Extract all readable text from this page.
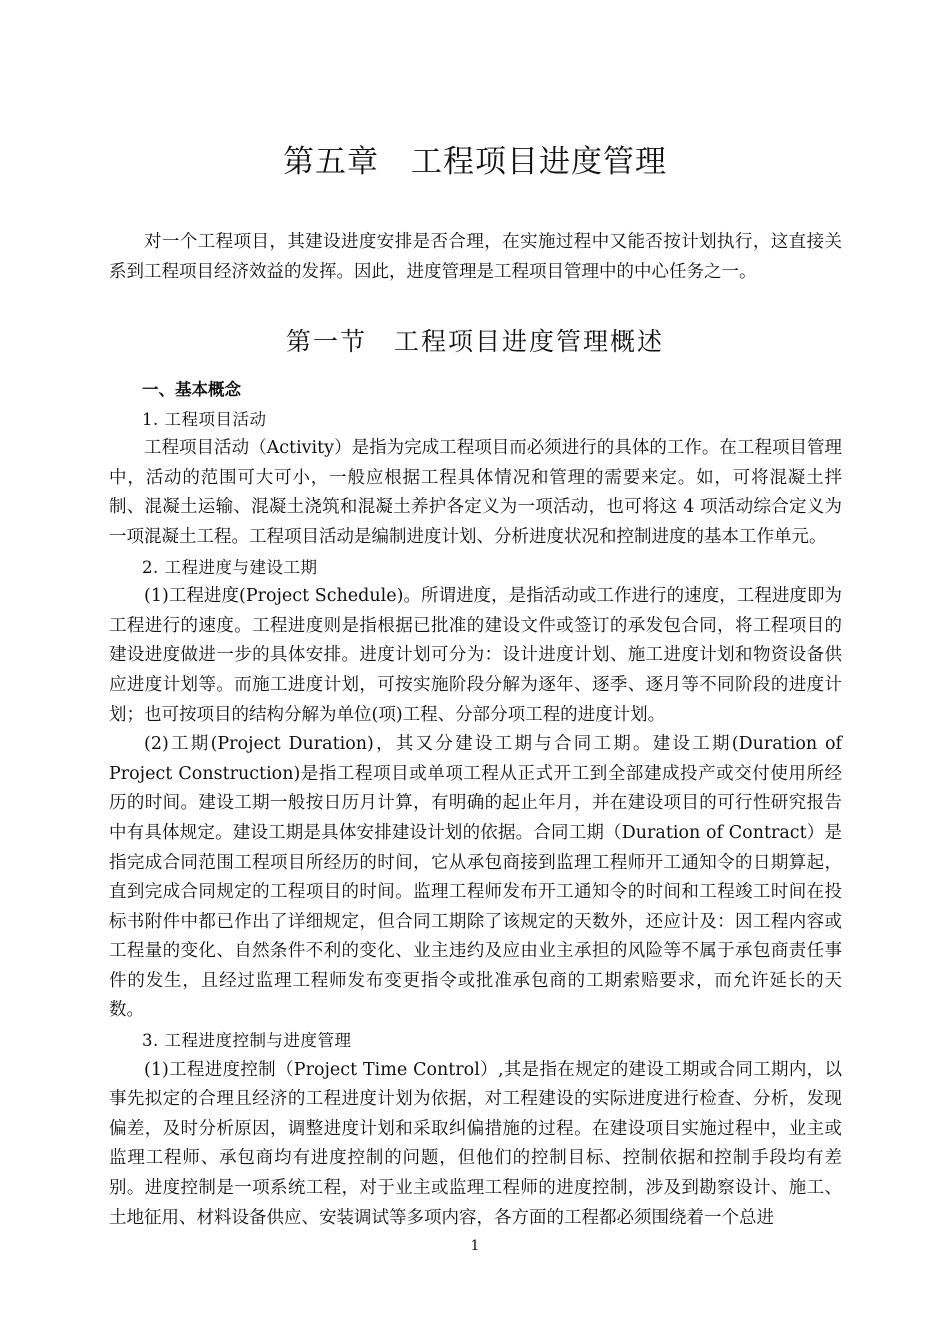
第五章　工程项目进度管理

对一个工程项目，其建设进度安排是否合理，在实施过程中又能否按计划执行，这直接关系到工程项目经济效益的发挥。因此，进度管理是工程项目管理中的中心任务之一。

第一节　工程项目进度管理概述

一、基本概念

1. 工程项目活动

工程项目活动（Activity）是指为完成工程项目而必须进行的具体的工作。在工程项目管理中，活动的范围可大可小，一般应根据工程具体情况和管理的需要来定。如，可将混凝土拌制、混凝土运输、混凝土浇筑和混凝土养护各定义为一项活动，也可将这 4 项活动综合定义为一项混凝土工程。工程项目活动是编制进度计划、分析进度状况和控制进度的基本工作单元。

2. 工程进度与建设工期

(1)工程进度(Project Schedule)。所谓进度，是指活动或工作进行的速度，工程进度即为工程进行的速度。工程进度则是指根据已批准的建设文件或签订的承发包合同，将工程项目的建设进度做进一步的具体安排。进度计划可分为：设计进度计划、施工进度计划和物资设备供应进度计划等。而施工进度计划，可按实施阶段分解为逐年、逐季、逐月等不同阶段的进度计划；也可按项目的结构分解为单位(项)工程、分部分项工程的进度计划。

(2)工期(Project Duration)，其又分建设工期与合同工期。建设工期(Duration of Project Construction)是指工程项目或单项工程从正式开工到全部建成投产或交付使用所经历的时间。建设工期一般按日历月计算，有明确的起止年月，并在建设项目的可行性研究报告中有具体规定。建设工期是具体安排建设计划的依据。合同工期（Duration of Contract）是指完成合同范围工程项目所经历的时间，它从承包商接到监理工程师开工通知令的日期算起，直到完成合同规定的工程项目的时间。监理工程师发布开工通知令的时间和工程竣工时间在投标书附件中都已作出了详细规定，但合同工期除了该规定的天数外，还应计及：因工程内容或工程量的变化、自然条件不利的变化、业主违约及应由业主承担的风险等不属于承包商责任事件的发生，且经过监理工程师发布变更指令或批准承包商的工期索赔要求，而允许延长的天数。

3. 工程进度控制与进度管理

(1)工程进度控制（Project Time Control）,其是指在规定的建设工期或合同工期内，以事先拟定的合理且经济的工程进度计划为依据，对工程建设的实际进度进行检查、分析，发现偏差，及时分析原因，调整进度计划和采取纠偏措施的过程。在建设项目实施过程中，业主或监理工程师、承包商均有进度控制的问题，但他们的控制目标、控制依据和控制手段均有差别。进度控制是一项系统工程，对于业主或监理工程师的进度控制，涉及到勘察设计、施工、土地征用、材料设备供应、安装调试等多项内容，各方面的工程都必须围绕着一个总进

1
